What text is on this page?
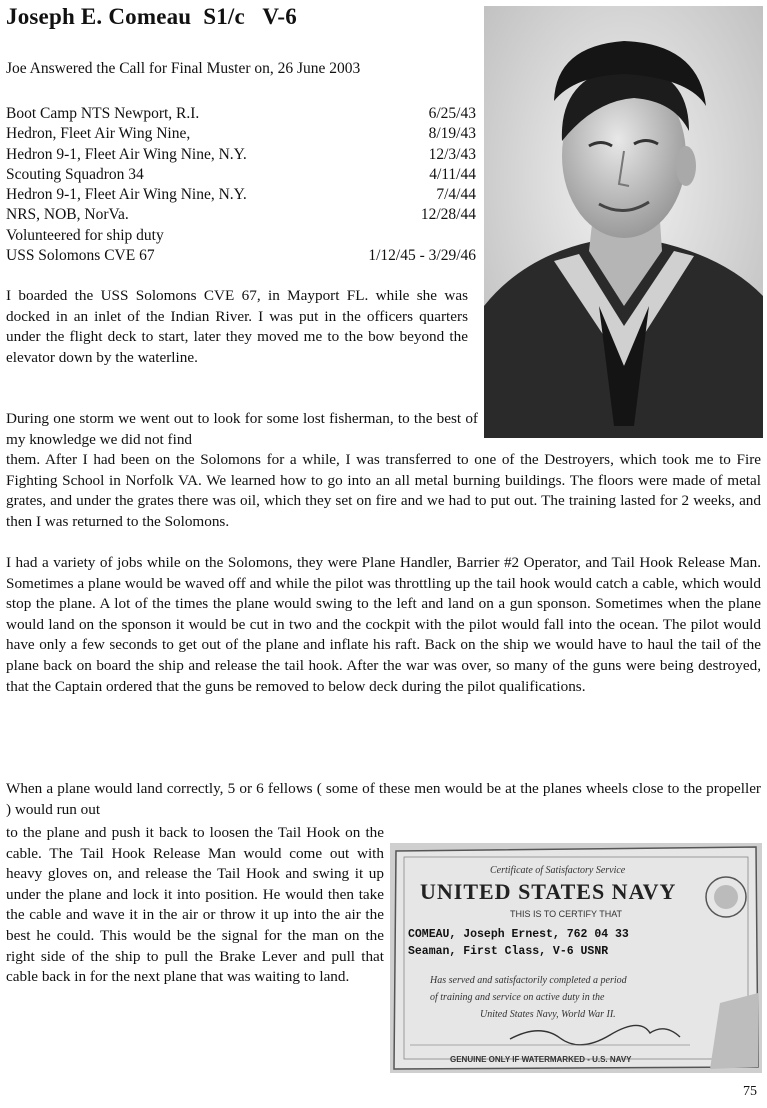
Joseph E. Comeau  S1/c   V-6
Joe Answered the Call for Final Muster on, 26 June 2003
Boot Camp NTS Newport, R.I.	6/25/43
Hedron, Fleet Air Wing Nine,	8/19/43
Hedron 9-1, Fleet Air Wing Nine, N.Y.	12/3/43
Scouting Squadron 34	4/11/44
Hedron 9-1, Fleet Air Wing Nine, N.Y.	7/4/44
NRS, NOB, NorVa.	12/28/44
Volunteered for ship duty
USS Solomons CVE 67	1/12/45 - 3/29/46

I boarded the USS Solomons CVE 67, in Mayport FL. while she was docked in an inlet of the Indian River. I was put in the officers quarters under the flight deck to start, later they moved me to the bow beyond the elevator down by the waterline.

During one storm we went out to look for some lost fisherman, to the best of my knowledge we did not find

them. After I had been on the Solomons for a while, I was transferred to one of the Destroyers, which took me to Fire Fighting School in Norfolk VA. We learned how to go into an all metal burning buildings. The floors were made of metal grates, and under the grates there was oil, which they set on fire and we had to put out. The training lasted for 2 weeks, and then I was returned to the Solomons.

I had a variety of jobs while on the Solomons, they were Plane Handler, Barrier #2 Operator, and Tail Hook Release Man. Sometimes a plane would be waved off and while the pilot was throttling up the tail hook would catch a cable, which would stop the plane. A lot of the times the plane would swing to the left and land on a gun sponson. Sometimes when the plane would land on the sponson it would be cut in two and the cockpit with the pilot would fall into the ocean. The pilot would have only a few seconds to get out of the plane and inflate his raft. Back on the ship we would have to haul the tail of the plane back on board the ship and release the tail hook. After the war was over, so many of the guns were being destroyed, that the Captain ordered that the guns be removed to below deck during the pilot qualifications.

When a plane would land correctly, 5 or 6 fellows ( some of these men would be at the planes wheels close to the propeller ) would run out

to the plane and push it back to loosen the Tail Hook on the cable. The Tail Hook Release Man would come out with heavy gloves on, and release the Tail Hook and swing it up under the plane and lock it into position. He would then take the cable and wave it in the air or throw it up into the air the best he could. This would be the signal for the man on the right side of the ship to pull the Brake Lever and pull that cable back in for the next plane that was waiting to land.

Certificate of Satisfactory Service
UNITED STATES NAVY
THIS IS TO CERTIFY THAT
COMEAU, Joseph Ernest, 762 04 33
Seaman, First Class, V-6 USNR
Has served and satisfactorily completed a period
of training and service on active duty in the
United States Navy, World War II.
GENUINE ONLY IF WATERMARKED - U.S. NAVY
75
